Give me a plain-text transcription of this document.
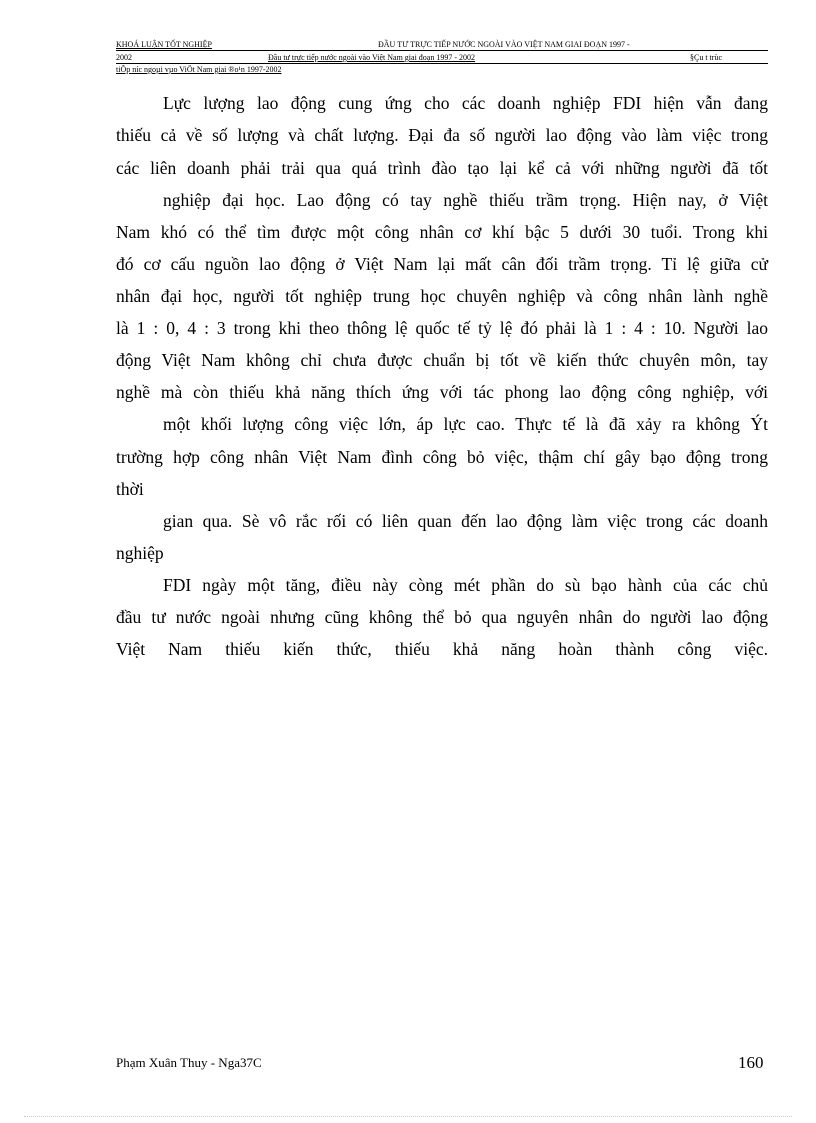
KHOÁ LUẬN TỐT NGHIỆP	ĐẦU TƯ TRỰC TIẾP NƯỚC NGOÀI VÀO VIỆT NAM GIAI ĐOẠN 1997 -
2002	Đầu tư trực tiếp nước ngoài vào Việt Nam giai đoạn 1997 - 2002	§Çu t trùc
tiÕp níc ngoµi vµo ViÖt Nam giai ®o¹n 1997-2002
Lực lượng lao động cung ứng cho các doanh nghiệp FDI hiện vẫn đang
thiếu cả về số lượng và chất lượng. Đại đa số người lao động vào làm việc trong
các liên doanh phải trải qua quá trình đào tạo lại kể cả với những người đã tốt
nghiệp đại học. Lao động có tay nghề thiếu trầm trọng. Hiện nay, ở Việt
Nam khó có thể tìm được một công nhân cơ khí bậc 5 dưới 30 tuổi. Trong khi
đó cơ cấu nguồn lao động ở Việt Nam lại mất cân đối trầm trọng. Tỉ lệ giữa cử
nhân đại học, người tốt nghiệp trung học chuyên nghiệp và công nhân lành nghề
là 1 : 0, 4 : 3 trong khi theo thông lệ quốc tế tỷ lệ đó phải là 1 : 4 : 10. Người lao
động Việt Nam không chỉ chưa được chuẩn bị tốt về kiến thức chuyên môn, tay
nghề mà còn thiếu khả năng thích ứng với tác phong lao động công nghiệp, với
một khối lượng công việc lớn, áp lực cao. Thực tế là đã xảy ra không Ýt
trường hợp công nhân Việt Nam đình công bỏ việc, thậm chí gây bạo động trong
thời
gian qua. Sè vô rắc rối có liên quan đến lao động làm việc trong các doanh
nghiệp
FDI ngày một tăng, điều này còng mét phần do sù bạo hành của các chủ
đầu tư nước ngoài nhưng cũng không thể bỏ qua nguyên nhân do người lao động
Việt Nam thiếu kiến thức, thiếu khả năng hoàn thành công việc.
Phạm Xuân Thuy - Nga37C	160
